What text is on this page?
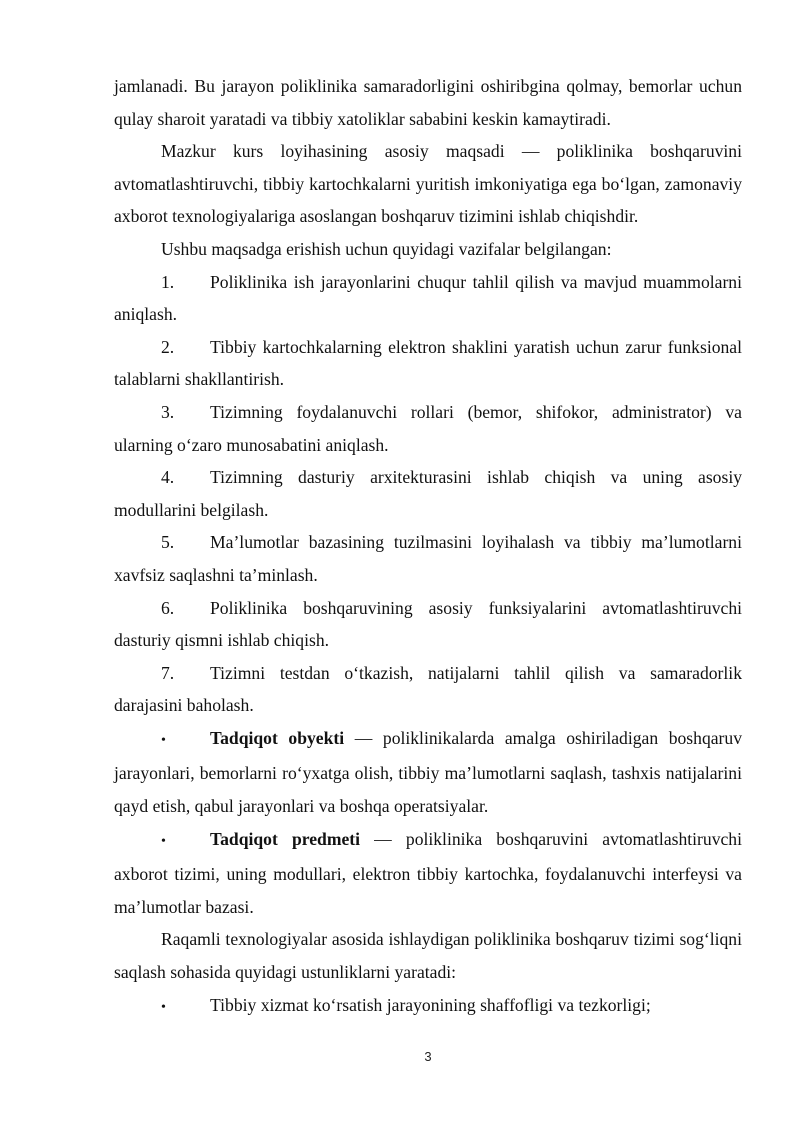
jamlanadi. Bu jarayon poliklinika samaradorligini oshiribgina qolmay, bemorlar uchun qulay sharoit yaratadi va tibbiy xatoliklar sababini keskin kamaytiradi.

Mazkur kurs loyihasining asosiy maqsadi — poliklinika boshqaruvini avtomatlashtiruvchi, tibbiy kartochkalarni yuritish imkoniyatiga ega bo‘lgan, zamonaviy axborot texnologiyalariga asoslangan boshqaruv tizimini ishlab chiqishdir.

Ushbu maqsadga erishish uchun quyidagi vazifalar belgilangan:

1. Poliklinika ish jarayonlarini chuqur tahlil qilish va mavjud muammolarni aniqlash.

2. Tibbiy kartochkalarning elektron shaklini yaratish uchun zarur funksional talablarni shakllantirish.

3. Tizimning foydalanuvchi rollari (bemor, shifokor, administrator) va ularning o‘zaro munosabatini aniqlash.

4. Tizimning dasturiy arxitekturasini ishlab chiqish va uning asosiy modullarini belgilash.

5. Ma’lumotlar bazasining tuzilmasini loyihalash va tibbiy ma’lumotlarni xavfsiz saqlashni ta’minlash.

6. Poliklinika boshqaruvining asosiy funksiyalarini avtomatlashtiruvchi dasturiy qismni ishlab chiqish.

7. Tizimni testdan o‘tkazish, natijalarni tahlil qilish va samaradorlik darajasini baholash.

•	Tadqiqot obyekti — poliklinikalarda amalga oshiriladigan boshqaruv jarayonlari, bemorlarni ro‘yxatga olish, tibbiy ma’lumotlarni saqlash, tashxis natijalarini qayd etish, qabul jarayonlari va boshqa operatsiyalar.

•	Tadqiqot predmeti — poliklinika boshqaruvini avtomatlashtiruvchi axborot tizimi, uning modullari, elektron tibbiy kartochka, foydalanuvchi interfeysi va ma’lumotlar bazasi.

Raqamli texnologiyalar asosida ishlaydigan poliklinika boshqaruv tizimi sog‘liqni saqlash sohasida quyidagi ustunliklarni yaratadi:

•	Tibbiy xizmat ko‘rsatish jarayonining shaffofligi va tezkorligi;

3
